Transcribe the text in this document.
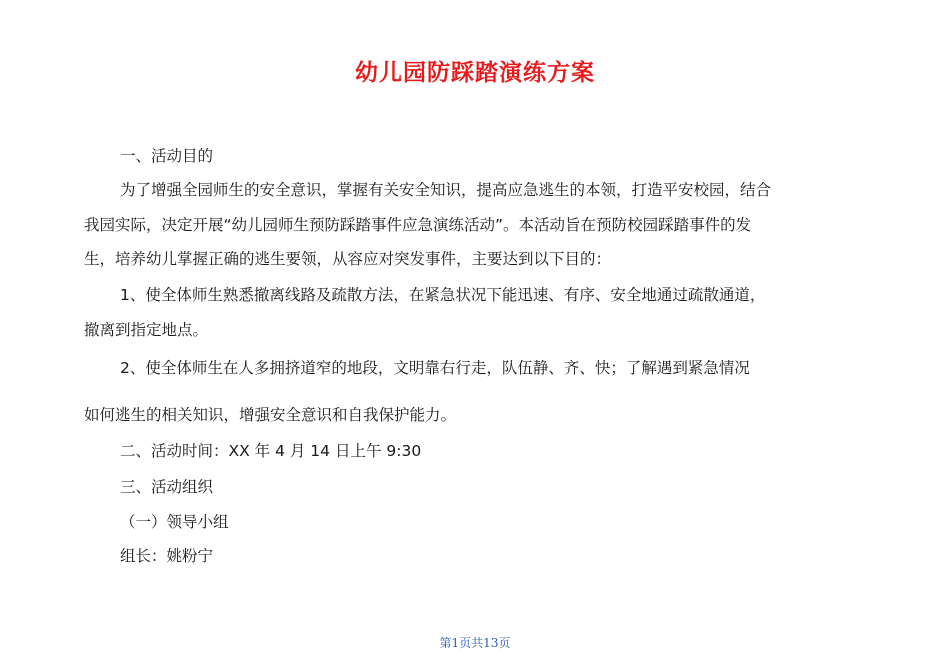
幼儿园防踩踏演练方案
一、活动目的
为了增强全园师生的安全意识，掌握有关安全知识，提高应急逃生的本领，打造平安校园，结合
我园实际，决定开展“幼儿园师生预防踩踏事件应急演练活动”。本活动旨在预防校园踩踏事件的发
生，培养幼儿掌握正确的逃生要领，从容应对突发事件，主要达到以下目的：
1、使全体师生熟悉撤离线路及疏散方法，在紧急状况下能迅速、有序、安全地通过疏散通道，
撤离到指定地点。
2、使全体师生在人多拥挤道窄的地段，文明靠右行走，队伍静、齐、快；了解遇到紧急情况
如何逃生的相关知识，增强安全意识和自我保护能力。
二、活动时间：XX 年 4 月 14 日上午 9:30
三、活动组织
（一）领导小组
组长：姚粉宁
第1页共13页
